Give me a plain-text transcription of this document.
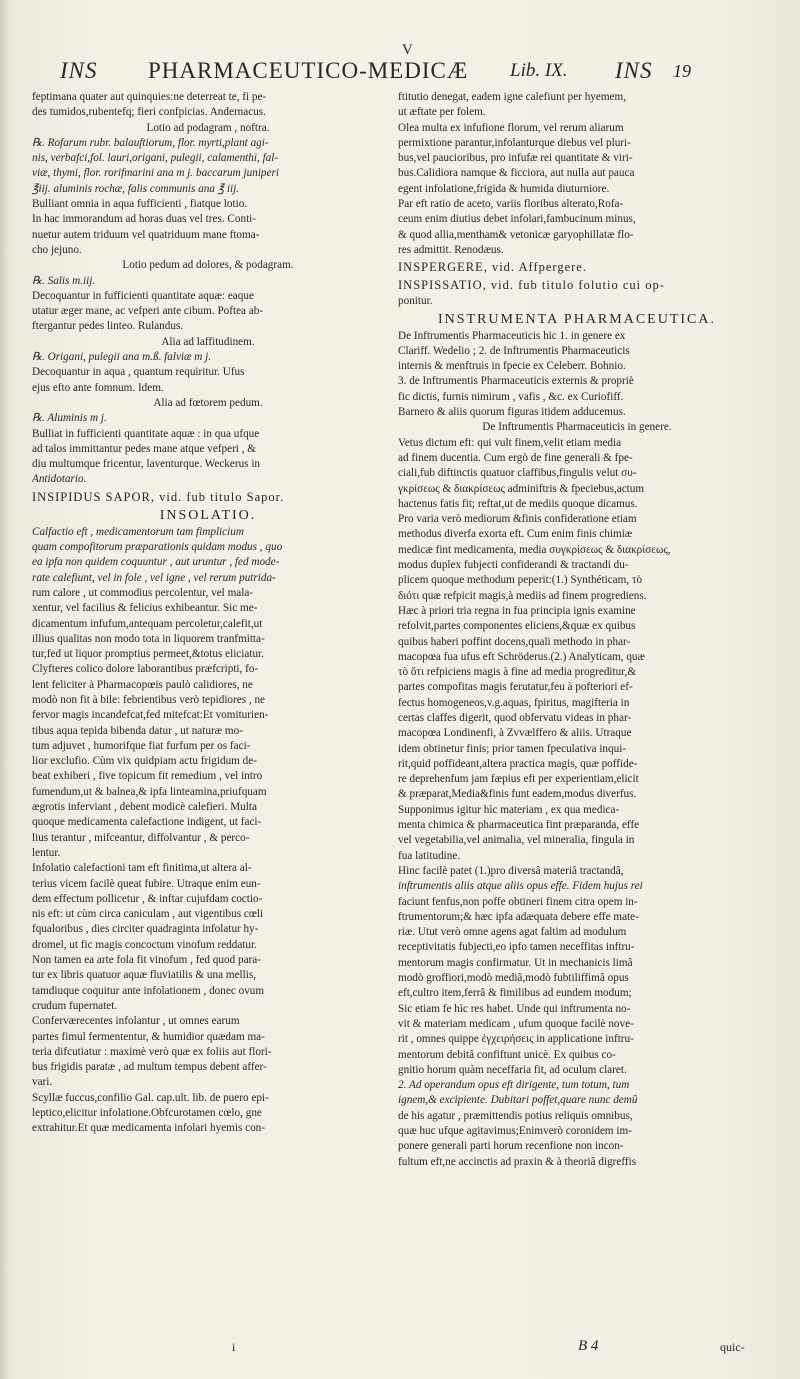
V
INS PHARMACEUTICO-MEDICÆ Lib. IX. INS 19
feptimana quater aut quinquies:ne deterreat te, fi pe-
des tumidos,rubentefq; fieri confpicias. Andernacus.
Lotio ad podagram , noftra.
℞. Rofarum rubr. balauftiorum, flor. myrti,plant agi-
nis, verbafci,fol. lauri,origani, pulegii, calamenthi, fal-
viæ, thymi, flor. rorifmarini ana m j. baccarum juniperi
℥iij. aluminis rochæ, falis communis ana ℥ iij.
Bulliant omnia in aqua fufficienti , fiatque lotio.
In hac immorandum ad horas duas vel tres. Conti-
nuetur autem triduum vel quatriduum mane ftoma-
cho jejuno.
Lotio pedum ad dolores, & podagram.
℞. Salis m.iij.
Decoquantur in fufficienti quantitate aquæ: eaque
utatur æger mane, ac vefperi ante cibum. Poftea ab-
ftergantur pedes linteo. Rulandus.
Alia ad laffitudinem.
℞. Origani, pulegii ana m.ß. falviæ m j.
Decoquantur in aqua , quantum requiritur. Ufus
ejus efto ante fomnum. Idem.
Alia ad fœtorem pedum.
℞. Aluminis m j.
Bulliat in fufficienti quantitate aquæ : in qua ufque
ad talos immittantur pedes mane atque vefperi , &
diu multumque fricentur, laventurque. Weckerus in
Antidotario.
INSIPIDUS SAPOR, vid. fub titulo Sapor.
INSOLATIO.
Calfactio eft , medicamentorum tam fimplicium
quam compofitorum præparationis quidam modus , quo
ea ipfa non quidem coquuntur , aut uruntur , fed mode-
rate calefiunt, vel in fole , vel igne , vel rerum putrida-
rum calore , ut commodius percolentur, vel mala-
xentur, vel facilius & felicius exhibeantur. Sic me-
dicamentum infufum,antequam percoletur,calefit,ut
illius qualitas non modo tota in liquorem tranfmitta-
tur,fed ut liquor promptius permeet,&totus eliciatur.
Clyfteres colico dolore laborantibus præfcripti, fo-
lent feliciter à Pharmacopœis paulò calidiores, ne
modò non fit à bile: febrientibus verò tepidiores , ne
fervor magis incandefcat,fed mitefcat:Et vomiturien-
tibus aqua tepida bibenda datur , ut naturæ mo-
tum adjuvet , humorifque fiat furfum per os faci-
lior exclufio. Cùm vix quidpiam actu frigidum de-
beat exhiberi , five topicum fit remedium , vel intro
fumendum,ut & balnea,& ipfa linteamina,priufquam
ægrotis inferviant , debent modicè calefieri. Multa
quoque medicamenta calefactione indigent, ut faci-
lius terantur , mifceantur, diffolvantur , & perco-
lentur.
Infolatio calefactioni tam eft finitima,ut altera al-
terius vicem facilè queat fubire. Utraque enim eun-
dem effectum pollicetur , & inftar cujufdam coctio-
nis eft: ut cùm circa caniculam , aut vigentibus cœli
fqualoribus , dies circiter quadraginta infolatur hy-
dromel, ut fic magis concoctum vinofum reddatur.
Non tamen ea arte fola fit vinofum , fed quod para-
tur ex libris quatuor aquæ fluviatilis & una mellis,
tamdiuque coquitur ante infolationem , donec ovum
crudum fupernatet.
Conferværecentes infolantur , ut omnes earum
partes fimul fermententur, & humidior quædam ma-
teria difcutiatur : maximè verò quæ ex foliis aut flori-
bus frigidis paratæ , ad multum tempus debent affer-
vari.
Scyllæ fuccus,confilio Gal. cap.ult. lib. de puero epi-
leptico,elicitur infolatione.Obfcurotamen cœlo, gne
extrahitur.Et quæ medicamenta infolari hyemis con-
ftitutio denegat, eadem igne calefiunt per hyemem,
ut æftate per folem.
Olea multa ex infufione florum, vel rerum aliarum
permixtione parantur,infolanturque diebus vel pluri-
bus,vel paucioribus, pro infufæ rei quantitate & viri-
bus.Calidiora namque & ficciora, aut nulla aut pauca
egent infolatione,frigida & humida diuturniore.
Par eft ratio de aceto, variis floribus alterato,Rofa-
ceum enim diutius debet infolari,fambucinum minus,
& quod allia,mentham& vetonicæ garyophillatæ flo-
res admittit. Renodæus.
INSPERGERE, vid. Affpergere.
INSPISSATIO, vid. fub titulo folutio cui op-
ponitur.
INSTRUMENTA PHARMACEUTICA.
De Inftrumentis Pharmaceuticis hic 1. in genere ex
Clariff. Wedelio ; 2. de Inftrumentis Pharmaceuticis
internis & menftruis in fpecie ex Celeberr. Bohnio.
3. de Inftrumentis Pharmaceuticis externis & propriè
fic dictis, furnis nimirum , vafis , &c. ex Curiofiff.
Barnero & aliis quorum figuras itidem adducemus.
De Inftrumentis Pharmaceuticis in genere.
Vetus dictum eft: qui vult finem,velit etiam media
ad finem ducentia. Cum ergò de fine generali & fpe-
ciali,fub diftinctis quatuor claffibus,fingulis velut συ-
γκρίσεως & διακρίσεως adminiftris & fpeciebus,actum
hactenus fatis fit; reftat,ut de mediis quoque dicamus.
Pro varia verò mediorum &finis confideratione etiam
methodus diverfa exorta eft. Cum enim finis chimiæ
medicæ fint medicamenta, media συγκρίσεως & διακρίσεως,
modus duplex fubjecti confiderandi & tractandi du-
plicem quoque methodum peperit:(1.) Synthéticam, τὸ
διότι quæ refpicit magis,à mediis ad finem progrediens.
Hæc à priori tria regna in fua principia ignis examine
refolvit,partes componentes eliciens,&quæ ex quibus
quibus haberi poffint docens,quali methodo in phar-
macopœa fua ufus eft Schröderus.(2.) Analyticam, quæ
τὸ ὅτι refpiciens magis à fine ad media progreditur,&
partes compofitas magis ferutatur,feu à pofteriori ef-
fectus homogeneos,v.g.aquas, fpiritus, magifteria in
certas claffes digerit, quod obfervatu videas in phar-
macopœa Londinenfi, à Zvvælffero & aliis. Utraque
idem obtinetur finis; prior tamen fpeculativa inqui-
rit,quid poffideant,altera practica magis, quæ poffide-
re deprehenfum jam fæpius eft per experientiam,elicit
& præparat,Media&finis funt eadem,modus diverfus.
Supponimus igitur hìc materiam , ex qua medica-
menta chimica & pharmaceutica fint præparanda, effe
vel vegetabilia,vel animalia, vel mineralia, fingula in
fua latitudine.
Hinc facilè patet (1.)pro diversâ materiâ tractandâ,
inftrumentis aliis atque aliis opus effe. Fidem hujus rei
faciunt fenfus,non poffe obtineri finem citra opem in-
ftrumentorum;& hæc ipfa adæquata debere effe mate-
riæ. Utut verò omne agens agat faltim ad modulum
receptivitatis fubjecti,eo ipfo tamen neceffitas inftru-
mentorum magis confirmatur. Ut in mechanicis limâ
modò groffiori,modò mediâ,modò fubtiliffimâ opus
eft,cultro item,ferrâ & fimilibus ad eundem modum;
Sic etiam fe hìc res habet. Unde qui inftrumenta no-
vit & materiam medicam , ufum quoque facilè nove-
rit , omnes quippe ἐγχειρήσεις in applicatione inftru-
mentorum debitâ confiftunt unicè. Ex quibus co-
gnitio horum quàm neceffaria fit, ad oculum claret.
2. Ad operandum opus eft dirigente, tum totum, tum
ignem,& excipiente. Dubitari poffet,quare nunc demû
de his agatur , præmittendis potius reliquis omnibus,
quæ huc ufque agitavimus;Enimverò coronidem im-
ponere generali parti horum recenfione non incon-
fultum eft,ne accinctis ad praxin & à theoriâ digreffis
i	B 4	quic-
